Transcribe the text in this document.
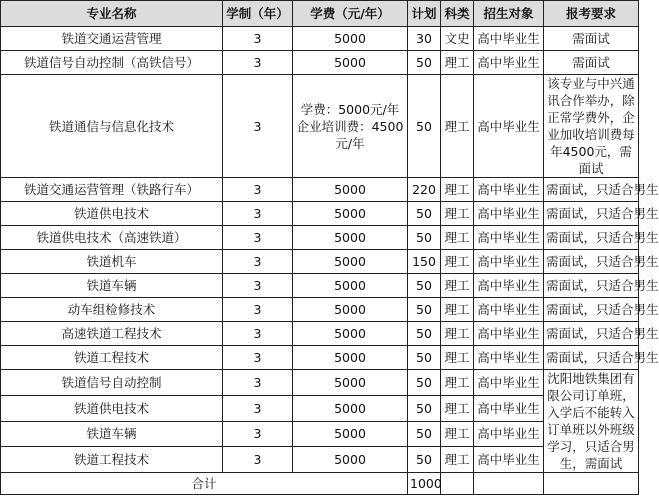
专业名称	学制（年）	学费（元/年）	计划	科类	招生对象	报考要求
铁道交通运营管理	3	5000	30	文史	高中毕业生	需面试
铁道信号自动控制（高铁信号）	3	5000	50	理工	高中毕业生	需面试
铁道通信与信息化技术	3	学费：5000元/年 企业培训费：4500元/年	50	理工	高中毕业生	该专业与中兴通讯合作举办，除正常学费外，企业加收培训费每年4500元，需面试
铁道交通运营管理（铁路行车）	3	5000	220	理工	高中毕业生	需面试，只适合男生
铁道供电技术	3	5000	50	理工	高中毕业生	需面试，只适合男生
铁道供电技术（高速铁道）	3	5000	50	理工	高中毕业生	需面试，只适合男生
铁道机车	3	5000	150	理工	高中毕业生	需面试，只适合男生
铁道车辆	3	5000	50	理工	高中毕业生	需面试，只适合男生
动车组检修技术	3	5000	50	理工	高中毕业生	需面试，只适合男生
高速铁道工程技术	3	5000	50	理工	高中毕业生	需面试，只适合男生
铁道工程技术	3	5000	50	理工	高中毕业生	需面试，只适合男生
铁道信号自动控制	3	5000	50	理工	高中毕业生	沈阳地铁集团有限公司订单班，入学后不能转入订单班以外班级学习，只适合男生，需面试
铁道供电技术	3	5000	50	理工	高中毕业生	
铁道车辆	3	5000	50	理工	高中毕业生	
铁道工程技术	3	5000	50	理工	高中毕业生	
合计			1000			
